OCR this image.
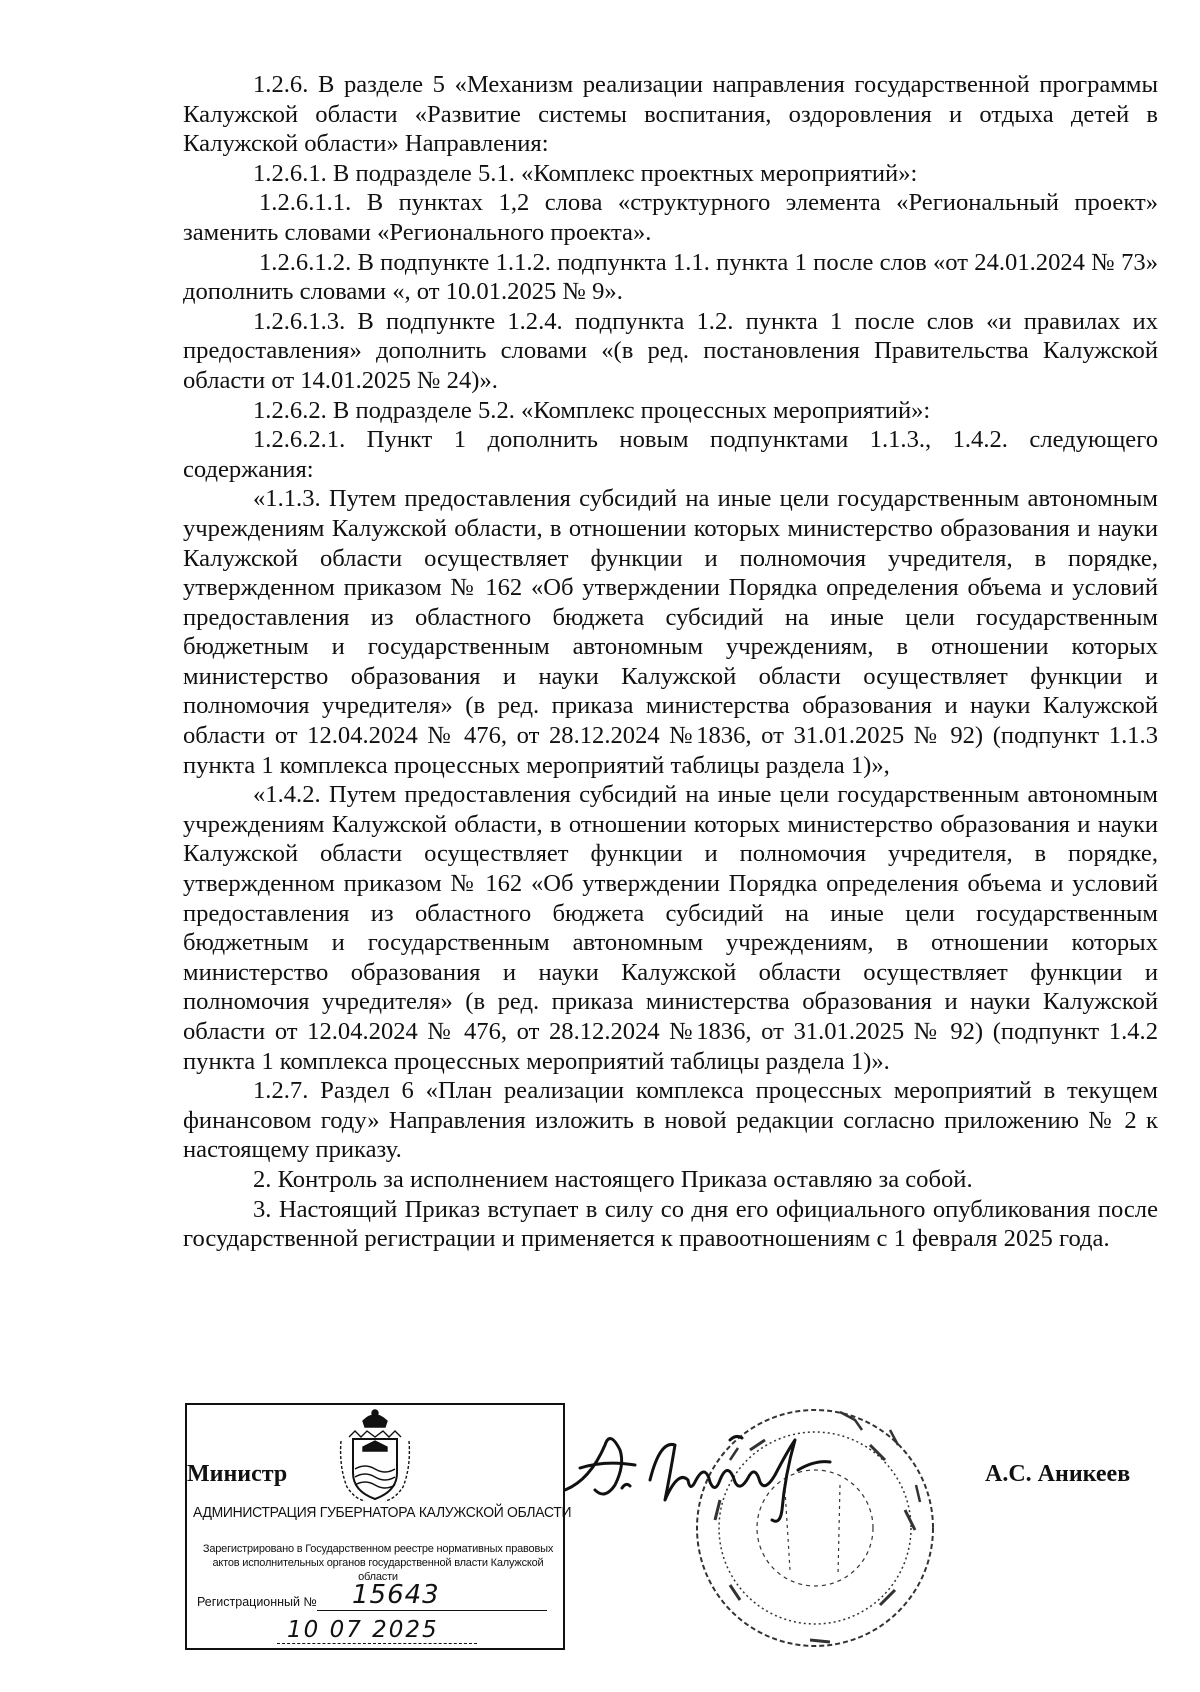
1.2.6. В разделе 5 «Механизм реализации направления государственной программы Калужской области «Развитие системы воспитания, оздоровления и отдыха детей в Калужской области» Направления:

1.2.6.1. В подразделе 5.1. «Комплекс проектных мероприятий»:

1.2.6.1.1. В пунктах 1,2 слова «структурного элемента «Региональный проект» заменить словами «Регионального проекта».

1.2.6.1.2. В подпункте 1.1.2. подпункта 1.1. пункта 1 после слов «от 24.01.2024 № 73» дополнить словами «, от 10.01.2025 № 9».

1.2.6.1.3. В подпункте 1.2.4. подпункта 1.2. пункта 1 после слов «и правилах их предоставления» дополнить словами «(в ред. постановления Правительства Калужской области от 14.01.2025 № 24)».

1.2.6.2. В подразделе 5.2. «Комплекс процессных мероприятий»:

1.2.6.2.1. Пункт 1 дополнить новым подпунктами 1.1.3., 1.4.2. следующего содержания:

«1.1.3. Путем предоставления субсидий на иные цели государственным автономным учреждениям Калужской области, в отношении которых министерство образования и науки Калужской области осуществляет функции и полномочия учредителя, в порядке, утвержденном приказом № 162 «Об утверждении Порядка определения объема и условий предоставления из областного бюджета субсидий на иные цели государственным бюджетным и государственным автономным учреждениям, в отношении которых министерство образования и науки Калужской области осуществляет функции и полномочия учредителя» (в ред. приказа министерства образования и науки Калужской области от 12.04.2024 № 476, от 28.12.2024 №1836, от 31.01.2025 № 92) (подпункт 1.1.3 пункта 1 комплекса процессных мероприятий таблицы раздела 1)»,

«1.4.2. Путем предоставления субсидий на иные цели государственным автономным учреждениям Калужской области, в отношении которых министерство образования и науки Калужской области осуществляет функции и полномочия учредителя, в порядке, утвержденном приказом № 162 «Об утверждении Порядка определения объема и условий предоставления из областного бюджета субсидий на иные цели государственным бюджетным и государственным автономным учреждениям, в отношении которых министерство образования и науки Калужской области осуществляет функции и полномочия учредителя» (в ред. приказа министерства образования и науки Калужской области от 12.04.2024 № 476, от 28.12.2024 №1836, от 31.01.2025 № 92) (подпункт 1.4.2 пункта 1 комплекса процессных мероприятий таблицы раздела 1)».

1.2.7. Раздел 6 «План реализации комплекса процессных мероприятий в текущем финансовом году» Направления изложить в новой редакции согласно приложению № 2 к настоящему приказу.

2. Контроль за исполнением настоящего Приказа оставляю за собой.

3. Настоящий Приказ вступает в силу со дня его официального опубликования после государственной регистрации и применяется к правоотношениям с 1 февраля 2025 года.

АДМИНИСТРАЦИЯ ГУБЕРНАТОРА КАЛУЖСКОЙ ОБЛАСТИ
Зарегистрировано в Государственном реестре нормативных правовых актов исполнительных органов государственной власти Калужской области
Регистрационный № 15643
10 07 2025
Министр	А.С. Аникеев
